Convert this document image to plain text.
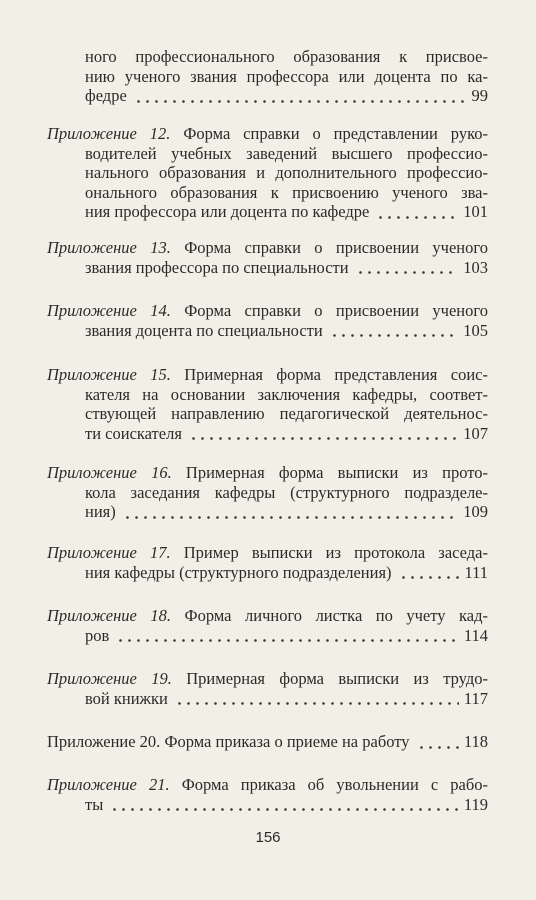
ного профессионального образования к присвое-
нию ученого звания профессора или доцента по ка-
федре	99
Приложение 12. Форма справки о представлении руко-
водителей учебных заведений высшего профессио-
нального образования и дополнительного профессио-
онального образования к присвоению ученого зва-
ния профессора или доцента по кафедре	101
Приложение 13. Форма справки о присвоении ученого
звания профессора по специальности	103
Приложение 14. Форма справки о присвоении ученого
звания доцента по специальности	105
Приложение 15. Примерная форма представления соис-
кателя на основании заключения кафедры, соответ-
ствующей направлению педагогической деятельнос-
ти соискателя	107
Приложение 16. Примерная форма выписки из прото-
кола заседания кафедры (структурного подразделе-
ния)	109
Приложение 17. Пример выписки из протокола заседа-
ния кафедры (структурного подразделения)	111
Приложение 18. Форма личного листка по учету кад-
ров	114
Приложение 19. Примерная форма выписки из трудо-
вой книжки	117
Приложение 20. Форма приказа о приеме на работу	118
Приложение 21. Форма приказа об увольнении с рабо-
ты	119
156
